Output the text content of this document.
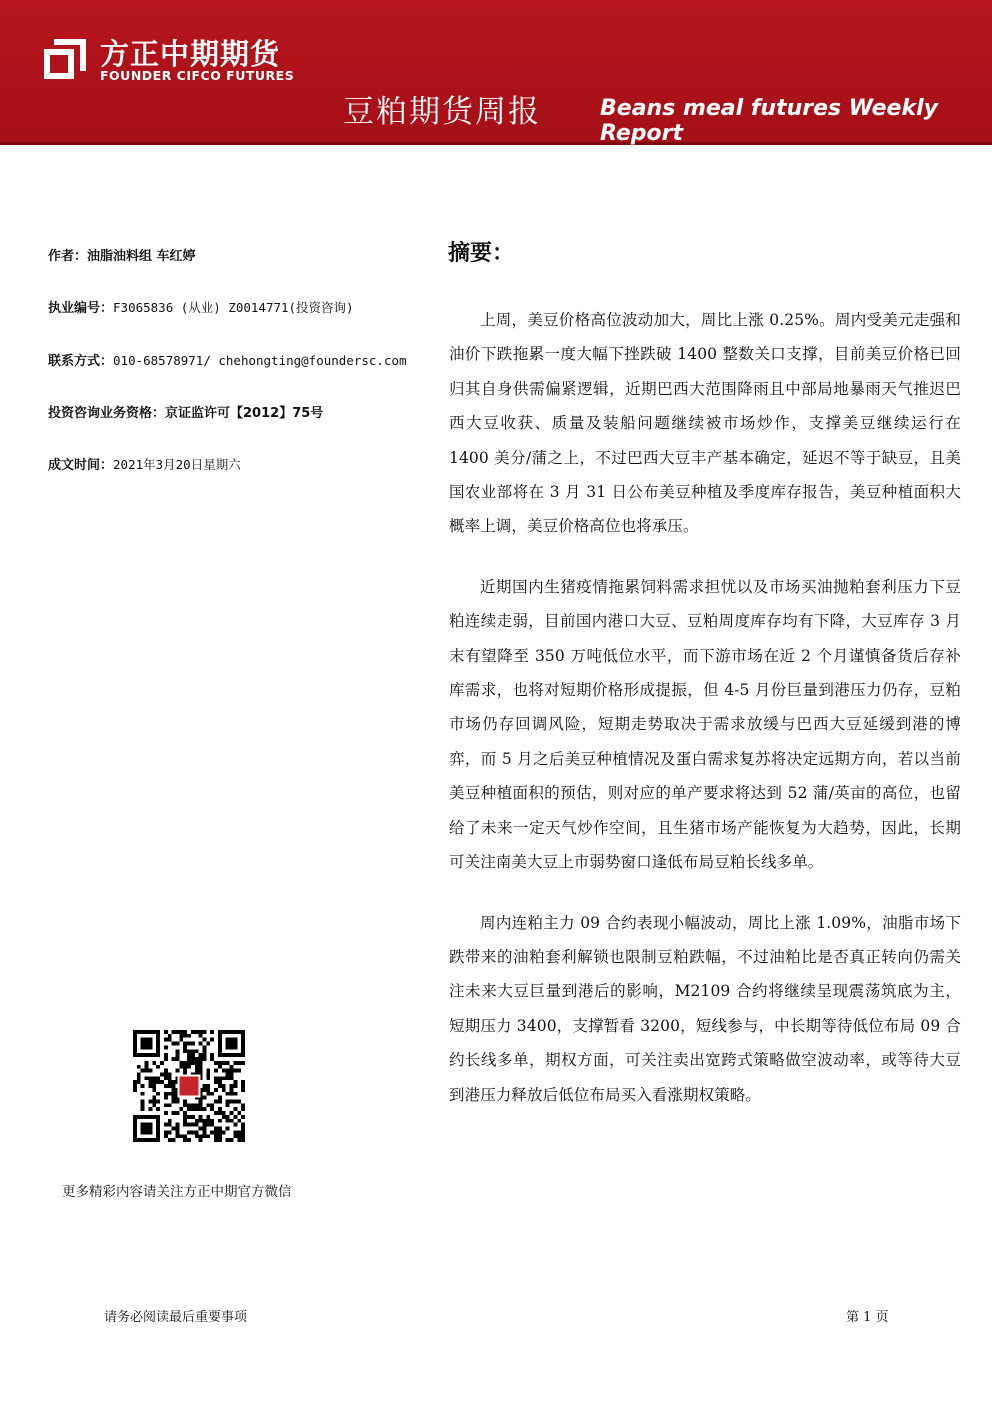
方正中期期货
FOUNDER CIFCO FUTURES
豆粕期货周报	Beans meal futures Weekly Report
作者：油脂油料组 车红婷
执业编号：F3065836 (从业) Z0014771(投资咨询)
联系方式：010-68578971/ chehongting@foundersc.com
投资咨询业务资格：京证监许可【2012】75号
成文时间：2021年3月20日星期六
摘要：

上周，美豆价格高位波动加大，周比上涨 0.25%。周内受美元走强和油价下跌拖累一度大幅下挫跌破 1400 整数关口支撑，目前美豆价格已回归其自身供需偏紧逻辑，近期巴西大范围降雨且中部局地暴雨天气推迟巴西大豆收获、质量及装船问题继续被市场炒作，支撑美豆继续运行在 1400 美分/蒲之上，不过巴西大豆丰产基本确定，延迟不等于缺豆，且美国农业部将在 3 月 31 日公布美豆种植及季度库存报告，美豆种植面积大概率上调，美豆价格高位也将承压。

近期国内生猪疫情拖累饲料需求担忧以及市场买油抛粕套利压力下豆粕连续走弱，目前国内港口大豆、豆粕周度库存均有下降，大豆库存 3 月末有望降至 350 万吨低位水平，而下游市场在近 2 个月谨慎备货后存补库需求，也将对短期价格形成提振，但 4-5 月份巨量到港压力仍存，豆粕市场仍存回调风险，短期走势取决于需求放缓与巴西大豆延缓到港的博弈，而 5 月之后美豆种植情况及蛋白需求复苏将决定远期方向，若以当前美豆种植面积的预估，则对应的单产要求将达到 52 蒲/英亩的高位，也留给了未来一定天气炒作空间，且生猪市场产能恢复为大趋势，因此，长期可关注南美大豆上市弱势窗口逢低布局豆粕长线多单。

周内连粕主力 09 合约表现小幅波动，周比上涨 1.09%，油脂市场下跌带来的油粕套利解锁也限制豆粕跌幅，不过油粕比是否真正转向仍需关注未来大豆巨量到港后的影响，M2109 合约将继续呈现震荡筑底为主，短期压力 3400，支撑暂看 3200，短线参与，中长期等待低位布局 09 合约长线多单，期权方面，可关注卖出宽跨式策略做空波动率，或等待大豆到港压力释放后低位布局买入看涨期权策略。

更多精彩内容请关注方正中期官方微信
请务必阅读最后重要事项	第 1 页
